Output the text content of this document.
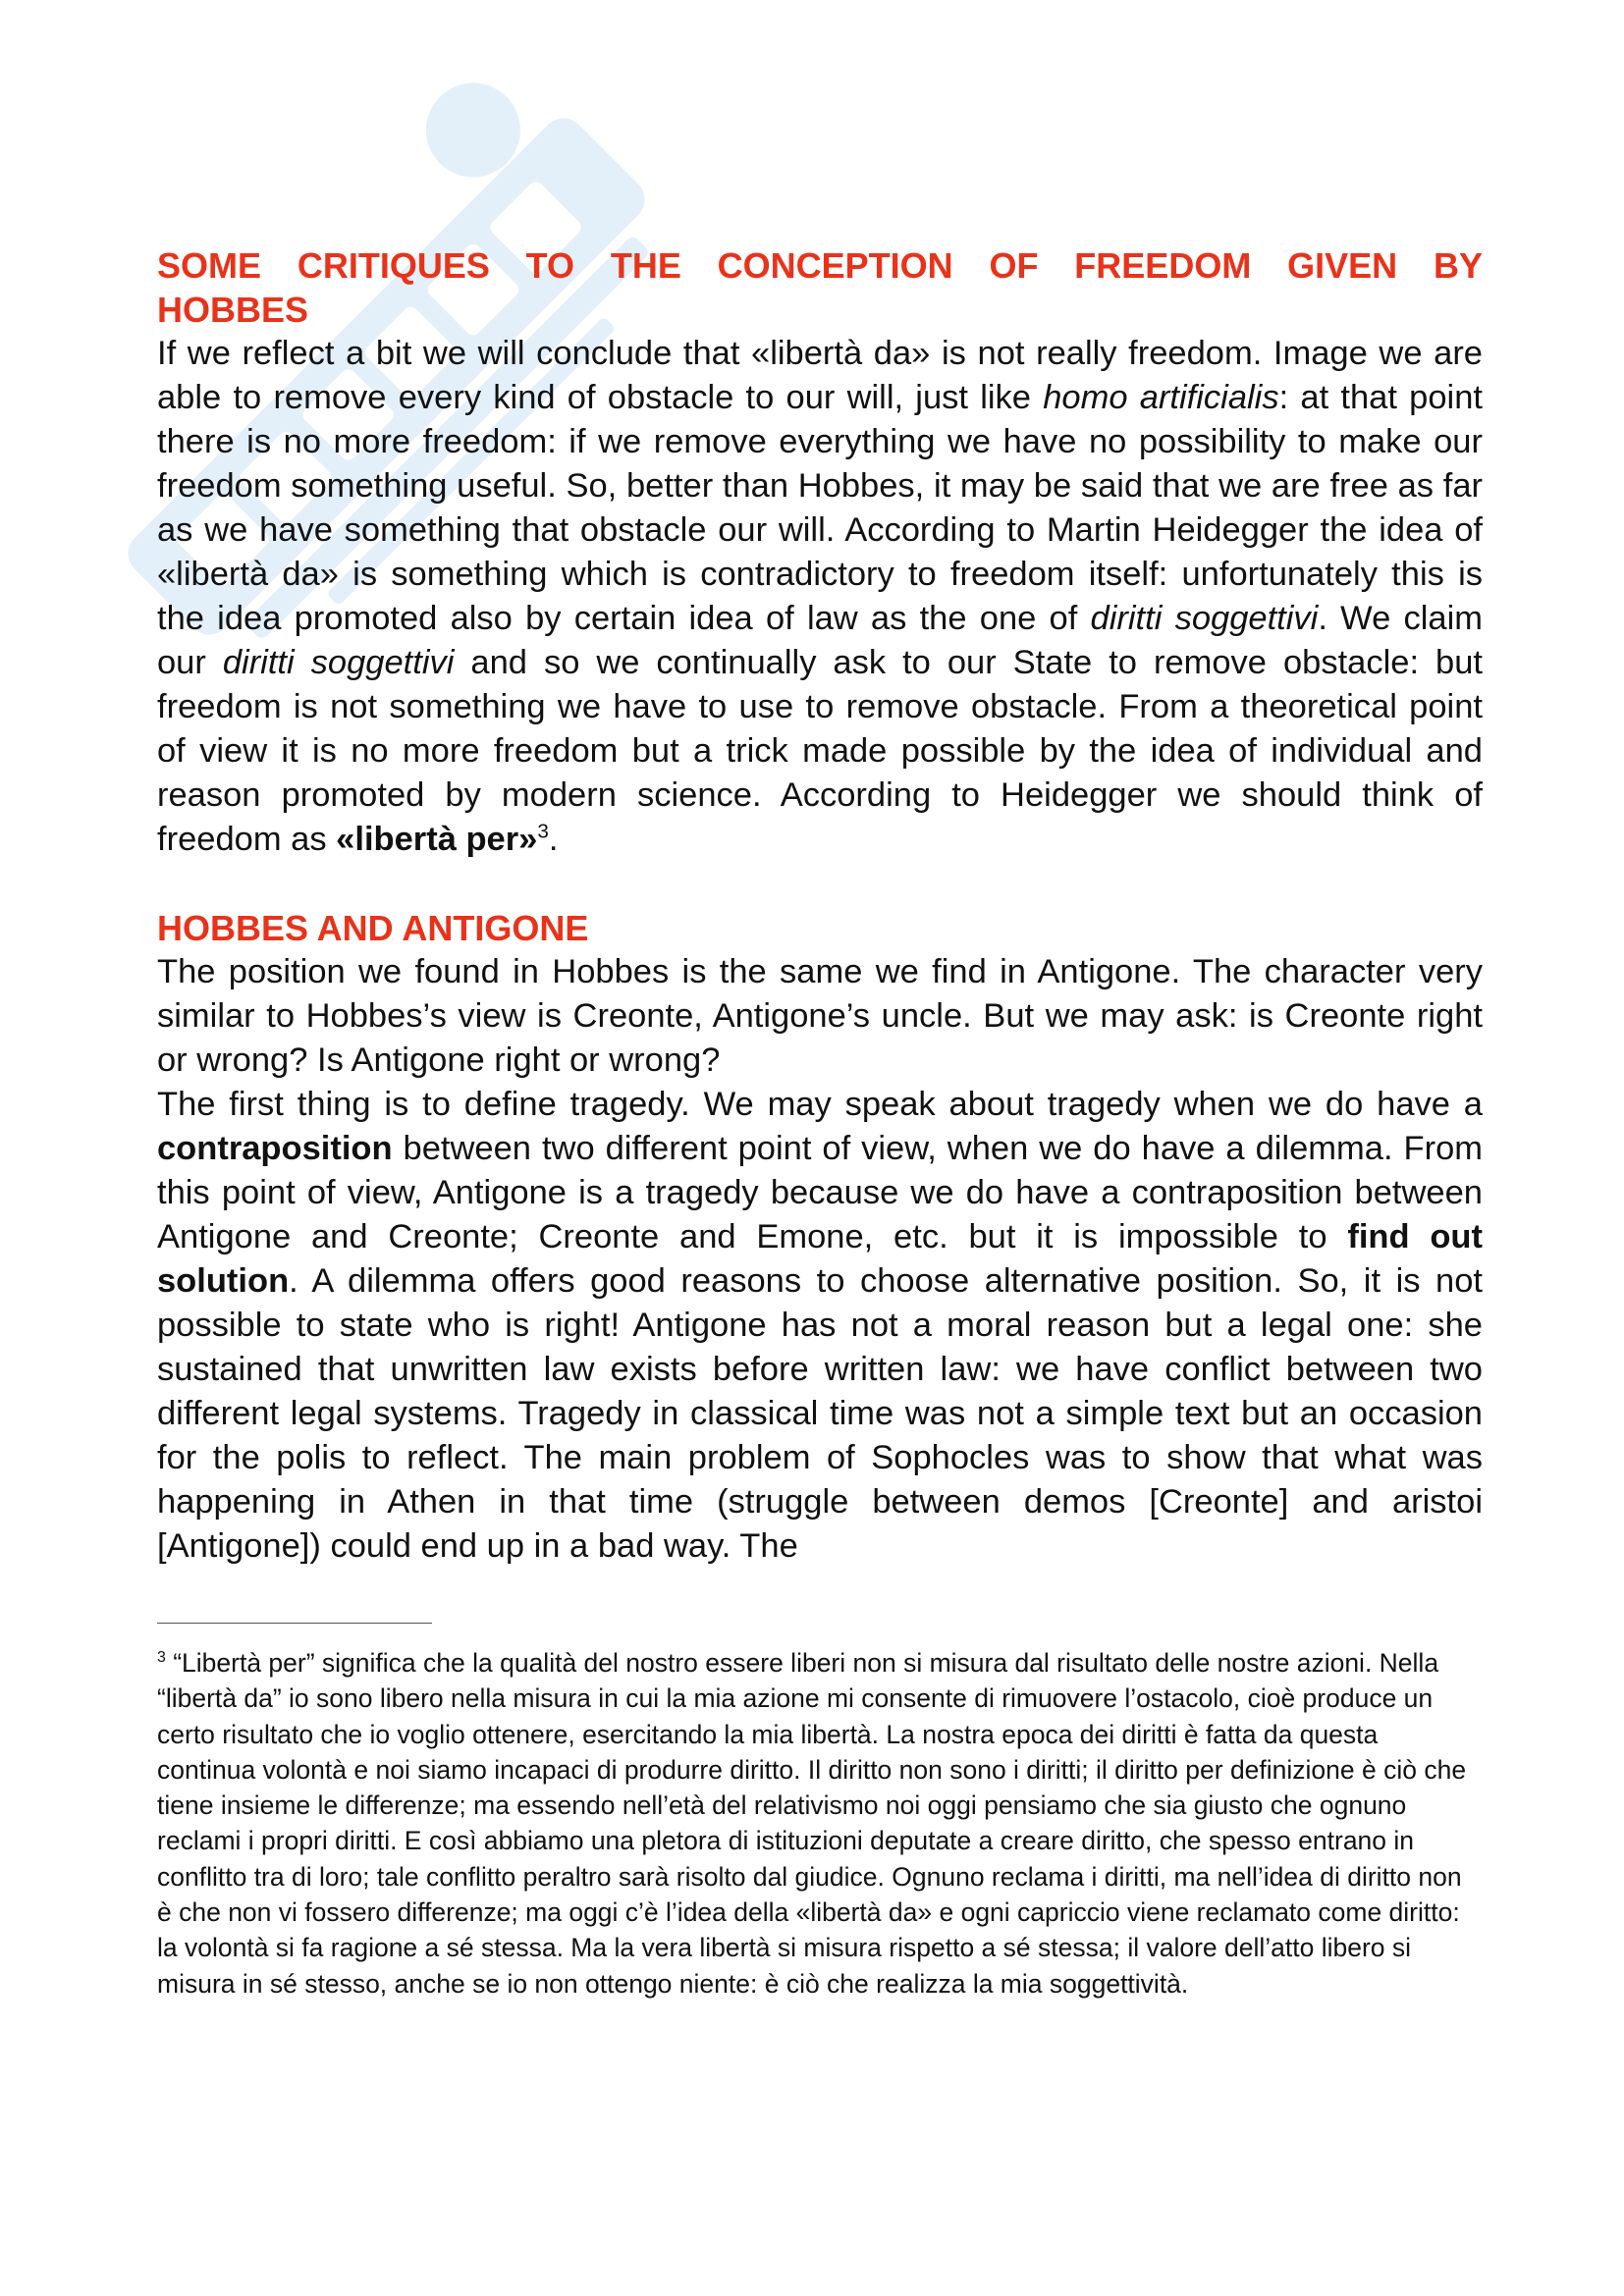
SOME CRITIQUES TO THE CONCEPTION OF FREEDOM GIVEN BY HOBBES

If we reflect a bit we will conclude that «libertà da» is not really freedom. Image we are able to remove every kind of obstacle to our will, just like homo artificialis: at that point there is no more freedom: if we remove everything we have no possibility to make our freedom something useful. So, better than Hobbes, it may be said that we are free as far as we have something that obstacle our will. According to Martin Heidegger the idea of «libertà da» is something which is contradictory to freedom itself: unfortunately this is the idea promoted also by certain idea of law as the one of diritti soggettivi. We claim our diritti soggettivi and so we continually ask to our State to remove obstacle: but freedom is not something we have to use to remove obstacle. From a theoretical point of view it is no more freedom but a trick made possible by the idea of individual and reason promoted by modern science. According to Heidegger we should think of freedom as «libertà per»$^3$.

HOBBES AND ANTIGONE

The position we found in Hobbes is the same we find in Antigone. The character very similar to Hobbes’s view is Creonte, Antigone’s uncle. But we may ask: is Creonte right or wrong? Is Antigone right or wrong?

The first thing is to define tragedy. We may speak about tragedy when we do have a contraposition between two different point of view, when we do have a dilemma. From this point of view, Antigone is a tragedy because we do have a contraposition between Antigone and Creonte; Creonte and Emone, etc. but it is impossible to find out solution. A dilemma offers good reasons to choose alternative position. So, it is not possible to state who is right! Antigone has not a moral reason but a legal one: she sustained that unwritten law exists before written law: we have conflict between two different legal systems. Tragedy in classical time was not a simple text but an occasion for the polis to reflect. The main problem of Sophocles was to show that what was happening in Athen in that time (struggle between demos [Creonte] and aristoi [Antigone]) could end up in a bad way. The

$^3$ “Libertà per” significa che la qualità del nostro essere liberi non si misura dal risultato delle nostre azioni. Nella “libertà da” io sono libero nella misura in cui la mia azione mi consente di rimuovere l’ostacolo, cioè produce un certo risultato che io voglio ottenere, esercitando la mia libertà. La nostra epoca dei diritti è fatta da questa continua volontà e noi siamo incapaci di produrre diritto. Il diritto non sono i diritti; il diritto per definizione è ciò che tiene insieme le differenze; ma essendo nell’età del relativismo noi oggi pensiamo che sia giusto che ognuno reclami i propri diritti. E così abbiamo una pletora di istituzioni deputate a creare diritto, che spesso entrano in conflitto tra di loro; tale conflitto peraltro sarà risolto dal giudice. Ognuno reclama i diritti, ma nell’idea di diritto non è che non vi fossero differenze; ma oggi c’è l’idea della «libertà da» e ogni capriccio viene reclamato come diritto: la volontà si fa ragione a sé stessa. Ma la vera libertà si misura rispetto a sé stessa; il valore dell’atto libero si misura in sé stesso, anche se io non ottengo niente: è ciò che realizza la mia soggettività.
